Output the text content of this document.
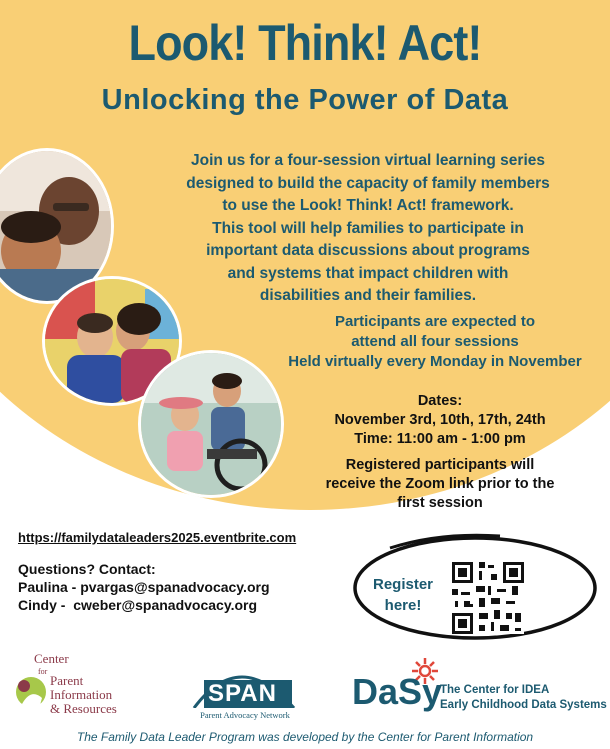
Look! Think! Act!
Unlocking the Power of Data
Join us for a four-session virtual learning series
designed to build the capacity of family members
to use the Look! Think! Act! framework.
This tool will help families to participate in
important data discussions about programs
and systems that impact children with
disabilities and their families.
Participants are expected to
attend all four sessions
Held virtually every Monday in November
Dates:
November 3rd, 10th, 17th, 24th
Time: 11:00 am - 1:00 pm
Registered participants will
receive the Zoom link prior to the
first session
https://familydataleaders2025.eventbrite.com
Questions? Contact:
Paulina - pvargas@spanadvocacy.org
Cindy -  cweber@spanadvocacy.org
Register
here!
Center
for
Parent
Information
& Resources
SPAN
Parent Advocacy Network
DaSy
The Center for IDEA
Early Childhood Data Systems
The Family Data Leader Program was developed by the Center for Parent Information
